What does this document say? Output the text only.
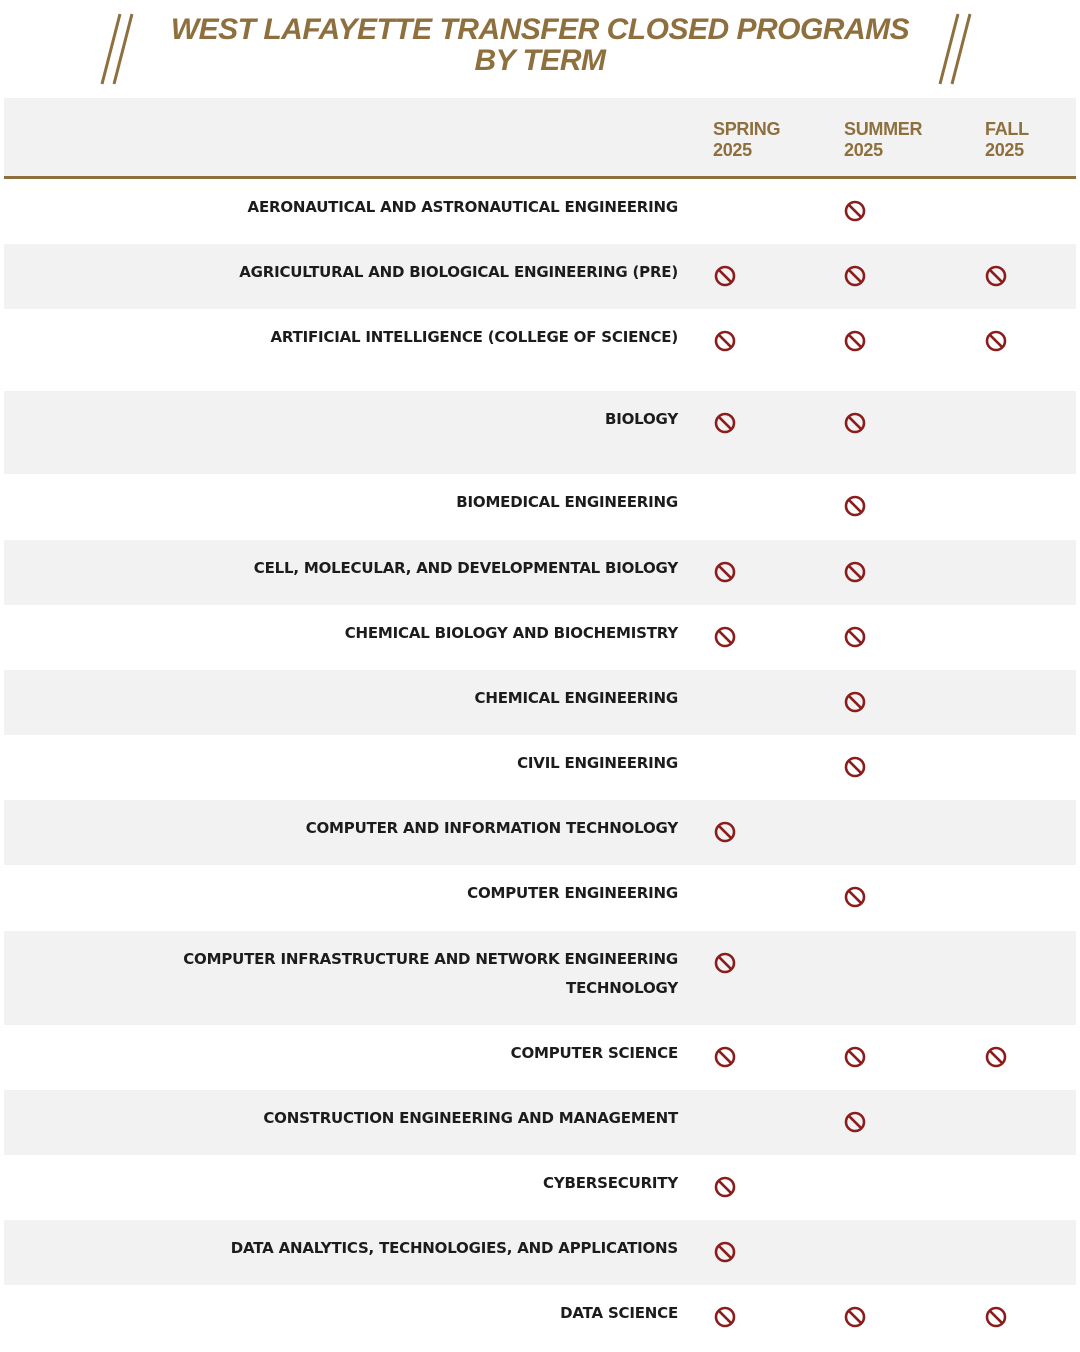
WEST LAFAYETTE TRANSFER CLOSED PROGRAMS BY TERM
SPRING
2025
SUMMER
2025
FALL
2025
AERONAUTICAL AND ASTRONAUTICAL ENGINEERING
AGRICULTURAL AND BIOLOGICAL ENGINEERING (PRE)
ARTIFICIAL INTELLIGENCE (COLLEGE OF SCIENCE)
BIOLOGY
BIOMEDICAL ENGINEERING
CELL, MOLECULAR, AND DEVELOPMENTAL BIOLOGY
CHEMICAL BIOLOGY AND BIOCHEMISTRY
CHEMICAL ENGINEERING
CIVIL ENGINEERING
COMPUTER AND INFORMATION TECHNOLOGY
COMPUTER ENGINEERING
COMPUTER INFRASTRUCTURE AND NETWORK ENGINEERING TECHNOLOGY
COMPUTER SCIENCE
CONSTRUCTION ENGINEERING AND MANAGEMENT
CYBERSECURITY
DATA ANALYTICS, TECHNOLOGIES, AND APPLICATIONS
DATA SCIENCE
